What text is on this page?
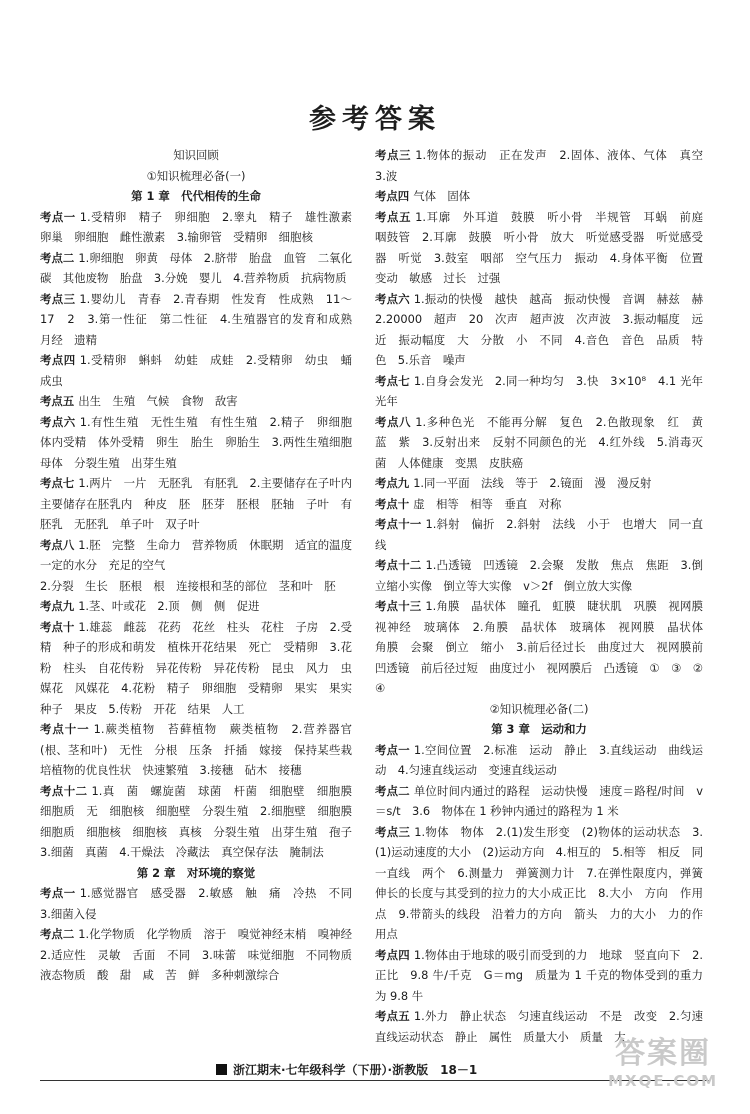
参考答案
知识回顾
①知识梳理必备(一)
第 1 章　代代相传的生命
考点一 1.受精卵　精子　卵细胞　2.睾丸　精子　雄性激素　卵巢　卵细胞　雌性激素　3.输卵管　受精卵　细胞核
考点二 1.卵细胞　卵黄　母体　2.脐带　胎盘　血管　二氧化碳　其他废物　胎盘　3.分娩　婴儿　4.营养物质　抗病物质
考点三 1.婴幼儿　青春　2.青春期　性发育　性成熟　11～17　2　3.第一性征　第二性征　4.生殖器官的发育和成熟　月经　遗精
考点四 1.受精卵　蝌蚪　幼蛙　成蛙　2.受精卵　幼虫　蛹　成虫
考点五 出生　生殖　气候　食物　敌害
考点六 1.有性生殖　无性生殖　有性生殖　2.精子　卵细胞　体内受精　体外受精　卵生　胎生　卵胎生　3.两性生殖细胞　母体　分裂生殖　出芽生殖
考点七 1.两片　一片　无胚乳　有胚乳　2.主要储存在子叶内　主要储存在胚乳内　种皮　胚　胚芽　胚根　胚轴　子叶　有胚乳　无胚乳　单子叶　双子叶
考点八 1.胚　完整　生命力　营养物质　休眠期　适宜的温度　一定的水分　充足的空气
2.分裂　生长　胚根　根　连接根和茎的部位　茎和叶　胚
考点九 1.茎、叶或花　2.顶　侧　侧　促进
考点十 1.雄蕊　雌蕊　花药　花丝　柱头　花柱　子房　2.受精　种子的形成和萌发　植株开花结果　死亡　受精卵　3.花粉　柱头　自花传粉　异花传粉　异花传粉　昆虫　风力　虫媒花　风媒花　4.花粉　精子　卵细胞　受精卵　果实　果实　种子　果皮　5.传粉　开花　结果　人工
考点十一 1.蕨类植物　苔藓植物　蕨类植物　2.营养器官(根、茎和叶)　无性　分根　压条　扦插　嫁接　保持某些栽培植物的优良性状　快速繁殖　3.接穗　砧木　接穗
考点十二 1.真　菌　螺旋菌　球菌　杆菌　细胞壁　细胞膜　细胞质　无　细胞核　细胞壁　分裂生殖　2.细胞壁　细胞膜　细胞质　细胞核　细胞核　真核　分裂生殖　出芽生殖　孢子　3.细菌　真菌　4.干燥法　冷藏法　真空保存法　腌制法
第 2 章　对环境的察觉
考点一 1.感觉器官　感受器　2.敏感　触　痛　冷热　不同　3.细菌入侵
考点二 1.化学物质　化学物质　溶于　嗅觉神经末梢　嗅神经　2.适应性　灵敏　舌面　不同　3.味蕾　味觉细胞　不同物质　液态物质　酸　甜　咸　苦　鲜　多种刺激综合
考点三 1.物体的振动　正在发声　2.固体、液体、气体　真空　3.波
考点四 气体　固体
考点五 1.耳廓　外耳道　鼓膜　听小骨　半规管　耳蜗　前庭　咽鼓管　2.耳廓　鼓膜　听小骨　放大　听觉感受器　听觉感受器　听觉　3.鼓室　咽部　空气压力　振动　4.身体平衡　位置变动　敏感　过长　过强
考点六 1.振动的快慢　越快　越高　振动快慢　音调　赫兹　赫　2.20000　超声　20　次声　超声波　次声波　3.振动幅度　远近　振动幅度　大　分散　小　不同　4.音色　音色　品质　特色　5.乐音　噪声
考点七 1.自身会发光　2.同一种均匀　3.快　3×10⁸　4.1 光年　光年
考点八 1.多种色光　不能再分解　复色　2.色散现象　红　黄　蓝　紫　3.反射出来　反射不同颜色的光　4.红外线　5.消毒灭菌　人体健康　变黑　皮肤癌
考点九 1.同一平面　法线　等于　2.镜面　漫　漫反射
考点十 虚　相等　相等　垂直　对称
考点十一 1.斜射　偏折　2.斜射　法线　小于　也增大　同一直线
考点十二 1.凸透镜　凹透镜　2.会聚　发散　焦点　焦距　3.倒立缩小实像　倒立等大实像　v＞2f　倒立放大实像
考点十三 1.角膜　晶状体　瞳孔　虹膜　睫状肌　巩膜　视网膜　视神经　玻璃体　2.角膜　晶状体　玻璃体　视网膜　晶状体　角膜　会聚　倒立　缩小　3.前后径过长　曲度过大　视网膜前　凹透镜　前后径过短　曲度过小　视网膜后　凸透镜　①　③　②　④
②知识梳理必备(二)
第 3 章　运动和力
考点一 1.空间位置　2.标准　运动　静止　3.直线运动　曲线运动　4.匀速直线运动　变速直线运动
考点二 单位时间内通过的路程　运动快慢　速度＝路程/时间　v＝s/t　3.6　物体在 1 秒钟内通过的路程为 1 米
考点三 1.物体　物体　2.(1)发生形变　(2)物体的运动状态　3.(1)运动速度的大小　(2)运动方向　4.相互的　5.相等　相反　同一直线　两个　6.测量力　弹簧测力计　7.在弹性限度内，弹簧伸长的长度与其受到的拉力的大小成正比　8.大小　方向　作用点　9.带箭头的线段　沿着力的方向　箭头　力的大小　力的作用点
考点四 1.物体由于地球的吸引而受到的力　地球　竖直向下　2.正比　9.8 牛/千克　G＝mg　质量为 1 千克的物体受到的重力为 9.8 牛
考点五 1.外力　静止状态　匀速直线运动　不是　改变　2.匀速直线运动状态　静止　属性　质量大小　质量　大
浙江期末·七年级科学（下册）·浙教版　18－1	答案圈
MXQE.COM
